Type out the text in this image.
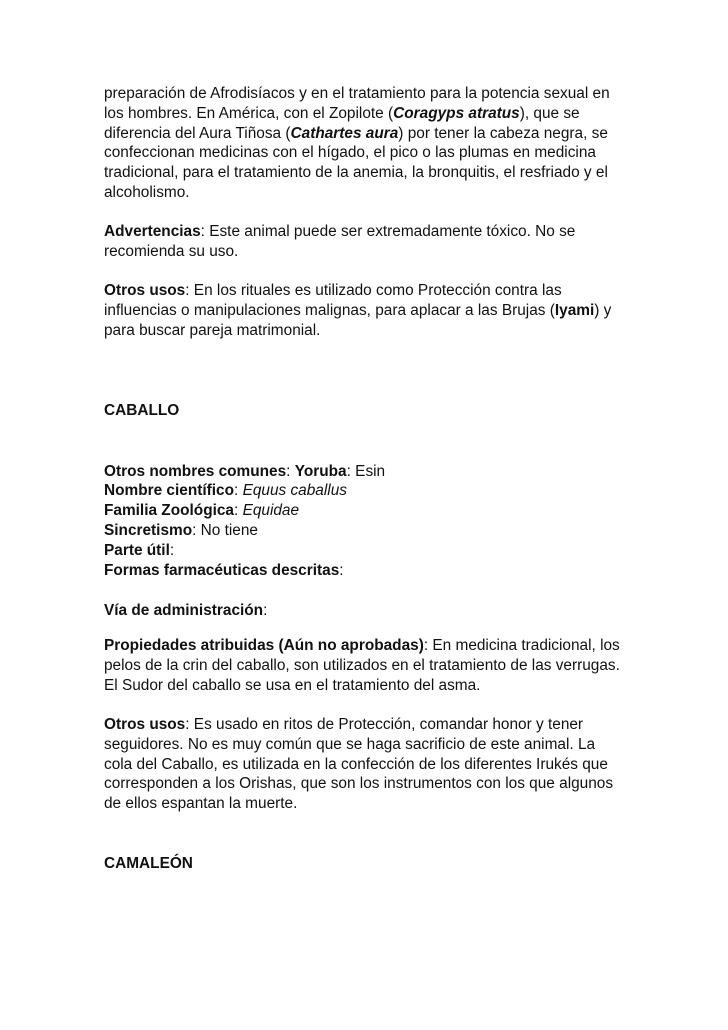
preparación de Afrodisíacos y en el tratamiento para la potencia sexual en los hombres. En América, con el Zopilote (Coragyps atratus), que se diferencia del Aura Tiñosa (Cathartes aura) por tener la cabeza negra, se confeccionan medicinas con el hígado, el pico o las plumas en medicina tradicional, para el tratamiento de la anemia, la bronquitis, el resfriado y el alcoholismo.

Advertencias: Este animal puede ser extremadamente tóxico. No se recomienda su uso.

Otros usos: En los rituales es utilizado como Protección contra las influencias o manipulaciones malignas, para aplacar a las Brujas (Iyami) y para buscar pareja matrimonial.

CABALLO

Otros nombres comunes: Yoruba: Esin

Nombre científico: Equus caballus

Familia Zoológica: Equidae

Sincretismo: No tiene

Parte útil:

Formas farmacéuticas descritas:

Vía de administración:

Propiedades atribuidas (Aún no aprobadas): En medicina tradicional, los pelos de la crin del caballo, son utilizados en el tratamiento de las verrugas. El Sudor del caballo se usa en el tratamiento del asma.

Otros usos: Es usado en ritos de Protección, comandar honor y tener seguidores. No es muy común que se haga sacrificio de este animal. La cola del Caballo, es utilizada en la confección de los diferentes Irukés que corresponden a los Orishas, que son los instrumentos con los que algunos de ellos espantan la muerte.

CAMALEÓN
